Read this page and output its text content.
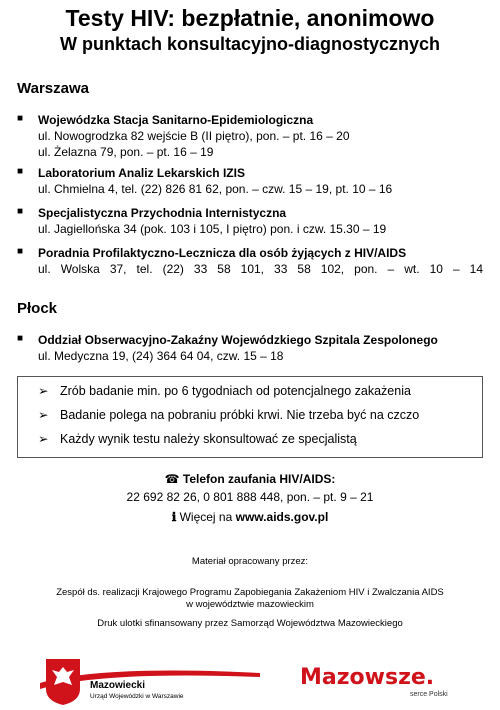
Testy HIV: bezpłatnie, anonimowo
W punktach konsultacyjno-diagnostycznych
Warszawa
■ Wojewódzka Stacja Sanitarno-Epidemiologiczna
ul. Nowogrodzka 82 wejście B (II piętro), pon. – pt. 16 – 20
ul. Żelazna 79, pon. – pt. 16 – 19
■ Laboratorium Analiz Lekarskich IZIS
ul. Chmielna 4, tel. (22) 826 81 62, pon. – czw. 15 – 19, pt. 10 – 16
■ Specjalistyczna Przychodnia Internistyczna
ul. Jagiellońska 34 (pok. 103 i 105, I piętro) pon. i czw. 15.30 – 19
■ Poradnia Profilaktyczno-Lecznicza dla osób żyjących z HIV/AIDS
ul. Wolska 37, tel. (22) 33 58 101, 33 58 102, pon. – wt. 10 – 14
Płock
■ Oddział Obserwacyjno-Zakaźny Wojewódzkiego Szpitala Zespolonego
ul. Medyczna 19, (24) 364 64 04, czw. 15 – 18
➢ Zrób badanie min. po 6 tygodniach od potencjalnego zakażenia
➢ Badanie polega na pobraniu próbki krwi. Nie trzeba być na czczo
➢ Każdy wynik testu należy skonsultować ze specjalistą
☎ Telefon zaufania HIV/AIDS:
22 692 82 26, 0 801 888 448, pon. – pt. 9 – 21
ℹ Więcej na www.aids.gov.pl
Materiał opracowany przez:
Zespół ds. realizacji Krajowego Programu Zapobiegania Zakażeniom HIV i Zwalczania AIDS
w województwie mazowieckim
Druk ulotki sfinansowany przez Samorząd Województwa Mazowieckiego
Mazowiecki
Urząd Wojewódzki w Warszawie
Mazowsze.
serce Polski
